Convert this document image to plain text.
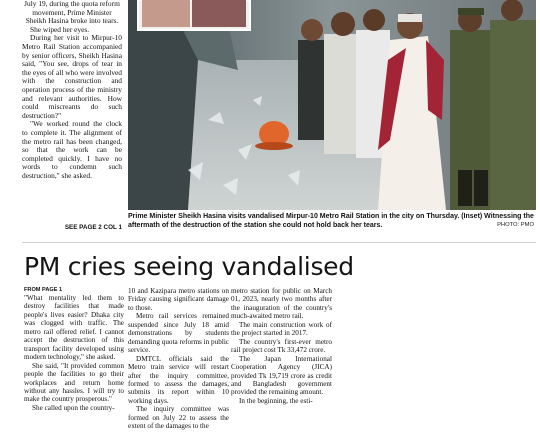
July 19, during the quota reform movement, Prime Minister Sheikh Hasina broke into tears.

She wiped her eyes.

During her visit to Mirpur-10 Metro Rail Station accompanied by senior officers, Sheikh Hasina said, "You see, drops of tear in the eyes of all who were involved with the construction and operation process of the ministry and relevant authorities. How could miscreants do such destruction?"

"We worked round the clock to complete it. The alignment of the metro rail has been changed, so that the work can be completed quickly. I have no words to condemn such destruction," she asked.

SEE PAGE 2 COL 1
Prime Minister Sheikh Hasina visits vandalised Mirpur-10 Metro Rail Station in the city on Thursday. (Inset) Witnessing the aftermath of the destruction of the station she could not hold back her tears.	PHOTO: PMO
PM cries seeing vandalised
FROM PAGE 1

"What mentality led them to destroy facilities that made people's lives easier? Dhaka city was clogged with traffic. The metro rail offered relief. I cannot accept the destruction of this transport facility developed using modern technology," she asked.

She said, "It provided common people the facilities to go their workplaces and return home without any hassles. I will try to make the country prosperous."

She called upon the country-

10 and Kazipara metro stations on Friday causing significant damage to those.

Metro rail services remained suspended since July 18 amid demonstrations by students demanding quota reforms in public service.

DMTCL officials said the Metro train service will restart after the inquiry committee, formed to assess the damages, submits its report within 10 working days.

The inquiry committee was formed on July 22 to assess the extent of the damages to the

metro station for public on March 01, 2023, nearly two months after the inauguration of the country's much-awaited metro rail.

The main construction work of the project started in 2017.

The country's first-ever metro rail project cost Tk 33,472 crore.

The Japan International Cooperation Agency (JICA) provided Tk 19,719 crore as credit and Bangladesh government provided the remaining amount.

In the beginning, the esti-
